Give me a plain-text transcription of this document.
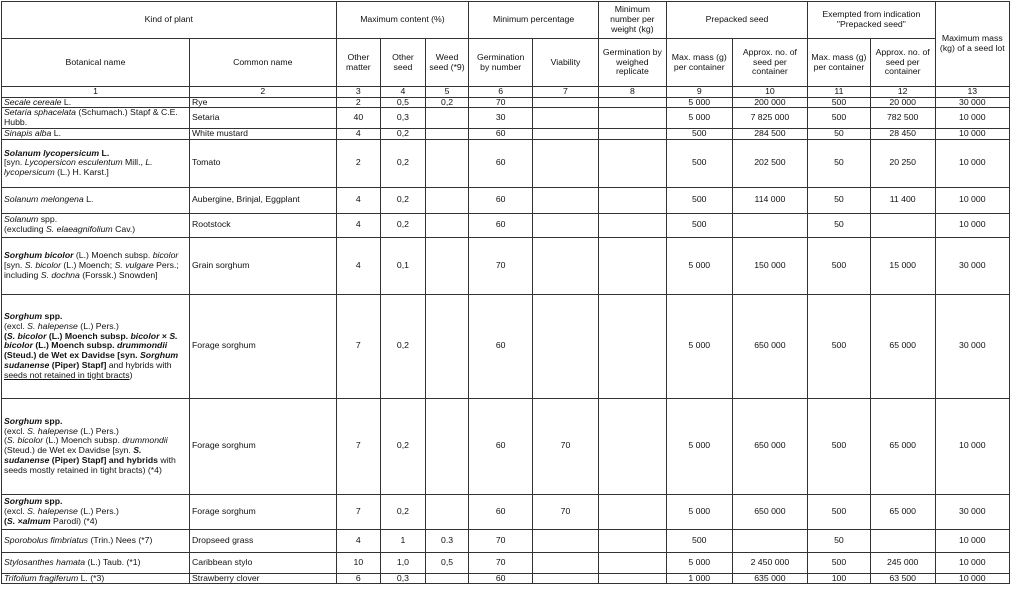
Kind of plant		Maximum content (%)			Minimum percentage		Minimum number per weight (kg)	Prepacked seed		Exempted from indication "Prepacked seed"		Maximum mass (kg) of a seed lot
Botanical name	Common name	Other matter	Other seed	Weed seed (*9)	Germination by number	Viability	Germination by weighed replicate	Max. mass (g) per container	Approx. no. of seed per container	Max. mass (g) per container	Approx. no. of seed per container	
1	2	3	4	5	6	7	8	9	10	11	12	13
Secale cereale L.	Rye	2	0,5	0,2	70			5 000	200 000	500	20 000	30 000
Setaria sphacelata (Schumach.) Stapf & C.E. Hubb.	Setaria	40	0,3		30			5 000	7 825 000	500	782 500	10 000
Sinapis alba L.	White mustard	4	0,2		60			500	284 500	50	28 450	10 000
Solanum lycopersicum L.
[syn. Lycopersicon esculentum Mill., L. lycopersicum (L.) H. Karst.]	Tomato	2	0,2		60			500	202 500	50	20 250	10 000
Solanum melongena L.	Aubergine, Brinjal, Eggplant	4	0,2		60			500	114 000	50	11 400	10 000
Solanum spp.
(excluding S. elaeagnifolium Cav.)	Rootstock	4	0,2		60			500		50		10 000
Sorghum bicolor (L.) Moench subsp. bicolor
[syn. S. bicolor (L.) Moench; S. vulgare Pers.; including S. dochna (Forssk.) Snowden]	Grain sorghum	4	0,1		70			5 000	150 000	500	15 000	30 000
Sorghum spp.
(excl. S. halepense (L.) Pers.)
(S. bicolor (L.) Moench subsp. bicolor × S. bicolor (L.) Moench subsp. drummondii (Steud.) de Wet ex Davidse [syn. Sorghum sudanense (Piper) Stapf] and hybrids with seeds not retained in tight bracts)	Forage sorghum	7	0,2		60			5 000	650 000	500	65 000	30 000
Sorghum spp.
(excl. S. halepense (L.) Pers.)
(S. bicolor (L.) Moench subsp. drummondii (Steud.) de Wet ex Davidse [syn. S. sudanense (Piper) Stapf] and hybrids with seeds mostly retained in tight bracts) (*4)	Forage sorghum	7	0,2		60	70		5 000	650 000	500	65 000	10 000
Sorghum spp.
(excl. S. halepense (L.) Pers.)
(S. ×almum Parodi) (*4)	Forage sorghum	7	0,2		60	70		5 000	650 000	500	65 000	30 000
Sporobolus fimbriatus (Trin.) Nees (*7)	Dropseed grass	4	1	0.3	70			500		50		10 000
Stylosanthes hamata (L.) Taub. (*1)	Caribbean stylo	10	1,0	0,5	70			5 000	2 450 000	500	245 000	10 000
Trifolium fragiferum L. (*3)	Strawberry clover	6	0,3		60			1 000	635 000	100	63 500	10 000
